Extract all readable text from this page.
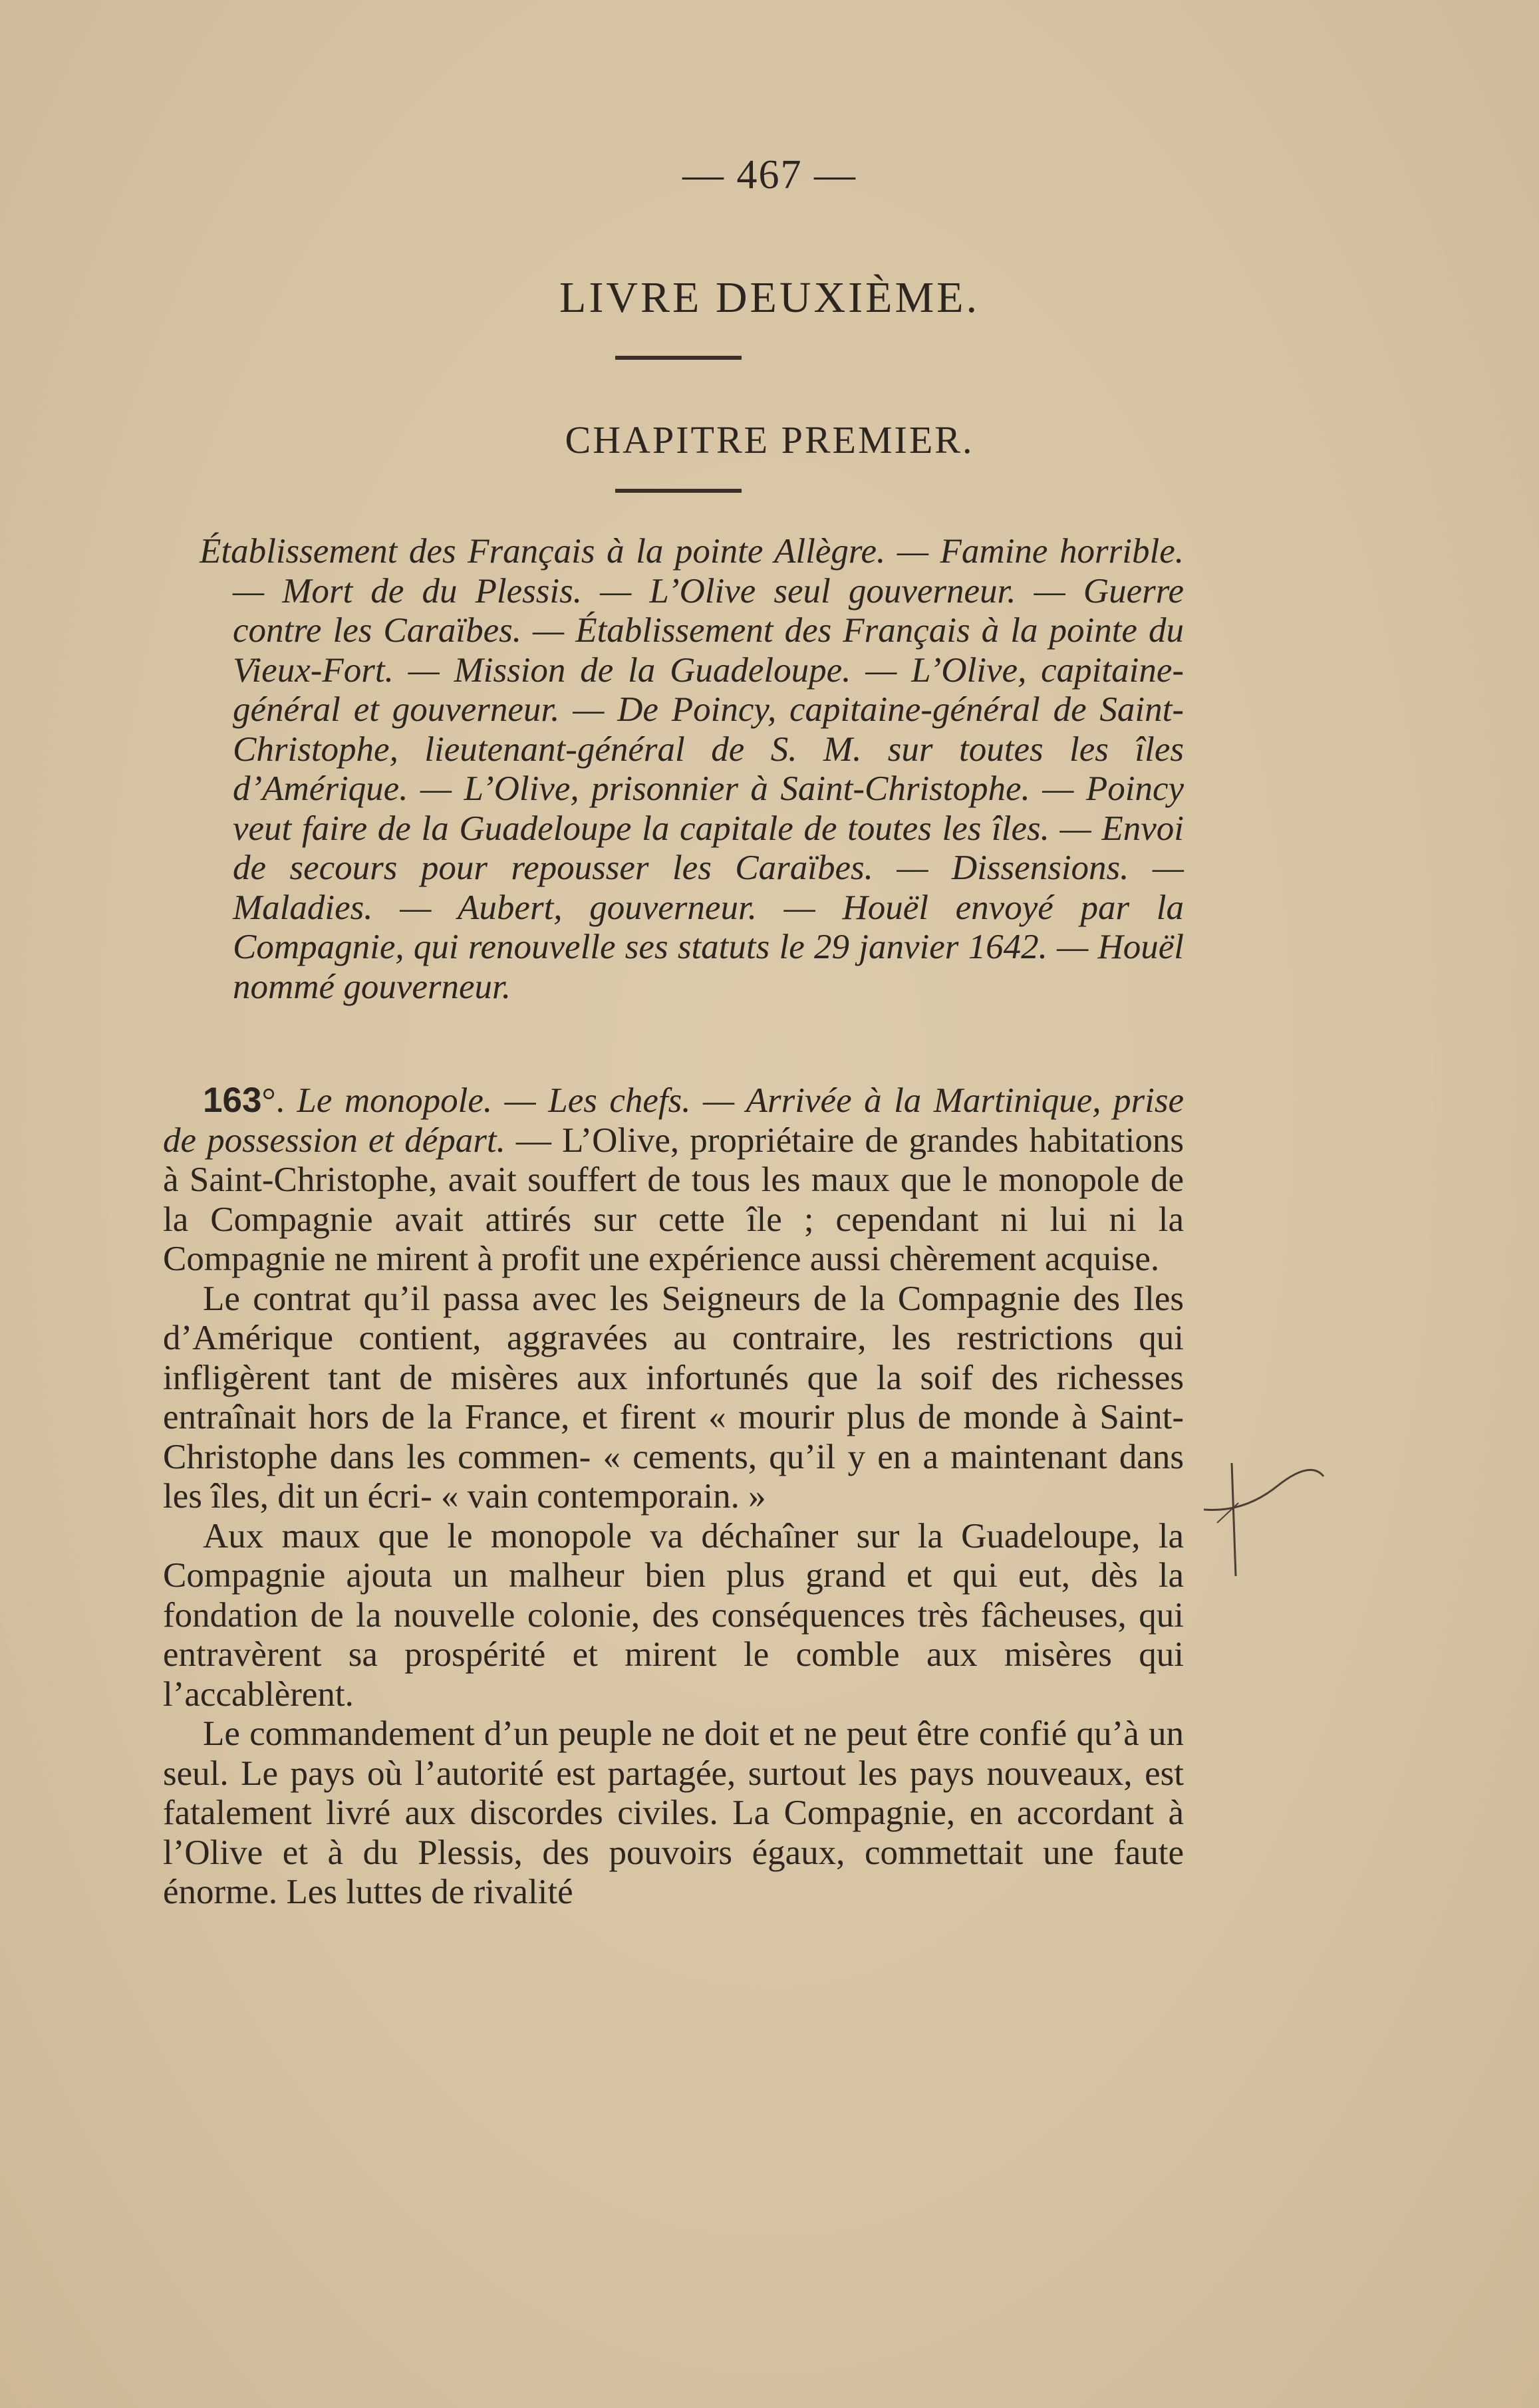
— 467 —
LIVRE DEUXIÈME.
CHAPITRE PREMIER.
Établissement des Français à la pointe Allègre. — Famine horrible. — Mort de du Plessis. — L’Olive seul gouverneur. — Guerre contre les Caraïbes. — Établissement des Français à la pointe du Vieux-Fort. — Mission de la Guadeloupe. — L’Olive, capitaine-général et gouverneur. — De Poincy, capitaine-général de Saint-Christophe, lieutenant-général de S. M. sur toutes les îles d’Amérique. — L’Olive, prisonnier à Saint-Christophe. — Poincy veut faire de la Guadeloupe la capitale de toutes les îles. — Envoi de secours pour repousser les Caraïbes. — Dissensions. — Maladies. — Aubert, gouverneur. — Houël envoyé par la Compagnie, qui renouvelle ses statuts le 29 janvier 1642. — Houël nommé gouverneur.

163°. Le monopole. — Les chefs. — Arrivée à la Martinique, prise de possession et départ. — L’Olive, propriétaire de grandes habitations à Saint-Christophe, avait souffert de tous les maux que le monopole de la Compagnie avait attirés sur cette île ; cependant ni lui ni la Compagnie ne mirent à profit une expérience aussi chèrement acquise.

Le contrat qu’il passa avec les Seigneurs de la Compagnie des Iles d’Amérique contient, aggravées au contraire, les restrictions qui infligèrent tant de misères aux infortunés que la soif des richesses entraînait hors de la France, et firent « mourir plus de monde à Saint-Christophe dans les commen- « cements, qu’il y en a maintenant dans les îles, dit un écri- « vain contemporain. »

Aux maux que le monopole va déchaîner sur la Guadeloupe, la Compagnie ajouta un malheur bien plus grand et qui eut, dès la fondation de la nouvelle colonie, des conséquences très fâcheuses, qui entravèrent sa prospérité et mirent le comble aux misères qui l’accablèrent.

Le commandement d’un peuple ne doit et ne peut être confié qu’à un seul. Le pays où l’autorité est partagée, surtout les pays nouveaux, est fatalement livré aux discordes civiles. La Compagnie, en accordant à l’Olive et à du Plessis, des pouvoirs égaux, commettait une faute énorme. Les luttes de rivalité
